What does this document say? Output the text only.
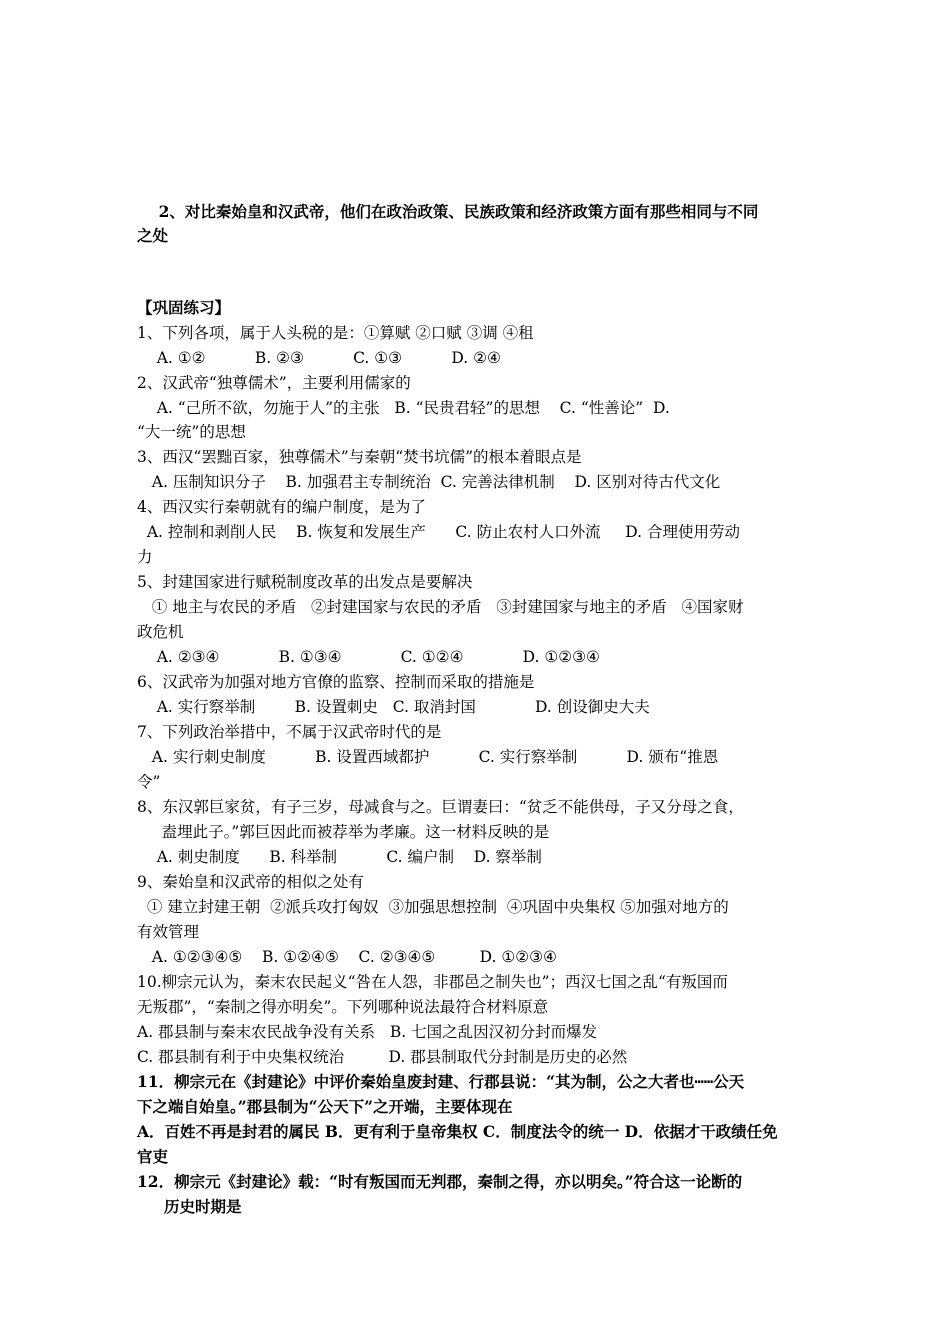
2、对比秦始皇和汉武帝，他们在政治政策、民族政策和经济政策方面有那些相同与不同
之处
【巩固练习】
1、下列各项，属于人头税的是：①算赋 ②口赋 ③调 ④租
A. ①②          B. ②③          C. ①③          D. ②④
2、汉武帝“独尊儒术”，主要利用儒家的
A. “己所不欲，勿施于人”的主张   B. “民贵君轻”的思想    C. “性善论”  D.
“大一统”的思想
3、西汉“罢黜百家，独尊儒术”与秦朝“焚书坑儒”的根本着眼点是
A. 压制知识分子    B. 加强君主专制统治  C. 完善法律机制    D. 区别对待古代文化
4、西汉实行秦朝就有的编户制度，是为了
A. 控制和剥削人民    B. 恢复和发展生产      C. 防止农村人口外流     D. 合理使用劳动
力
5、封建国家进行赋税制度改革的出发点是要解决
① 地主与农民的矛盾   ②封建国家与农民的矛盾   ③封建国家与地主的矛盾   ④国家财
政危机
A. ②③④            B. ①③④            C. ①②④            D. ①②③④
6、汉武帝为加强对地方官僚的监察、控制而采取的措施是
A. 实行察举制        B. 设置刺史   C. 取消封国            D. 创设御史大夫
7、下列政治举措中，不属于汉武帝时代的是
A. 实行刺史制度          B. 设置西域都护          C. 实行察举制          D. 颁布“推恩
令”
8、东汉郭巨家贫，有子三岁，母减食与之。巨谓妻曰：“贫乏不能供母，子又分母之食，
盍埋此子。”郭巨因此而被荐举为孝廉。这一材料反映的是
A. 刺史制度      B. 科举制          C. 编户制    D. 察举制
9、秦始皇和汉武帝的相似之处有
① 建立封建王朝  ②派兵攻打匈奴  ③加强思想控制  ④巩固中央集权 ⑤加强对地方的
有效管理
A. ①②③④⑤    B. ①②④⑤    C. ②③④⑤         D. ①②③④
10.柳宗元认为，秦末农民起义“咎在人怨，非郡邑之制失也”；西汉七国之乱“有叛国而
无叛郡”，“秦制之得亦明矣”。下列哪种说法最符合材料原意
A. 郡县制与秦末农民战争没有关系   B. 七国之乱因汉初分封而爆发
C. 郡县制有利于中央集权统治         D. 郡县制取代分封制是历史的必然
11．柳宗元在《封建论》中评价秦始皇废封建、行郡县说：“其为制，公之大者也┅┅公天
下之端自始皇。”郡县制为“公天下”之开端，主要体现在
A．百姓不再是封君的属民 B．更有利于皇帝集权 C．制度法令的统一 D．依据才干政绩任免
官吏
12．柳宗元《封建论》载：“时有叛国而无判郡，秦制之得，亦以明矣。”符合这一论断的
历史时期是
